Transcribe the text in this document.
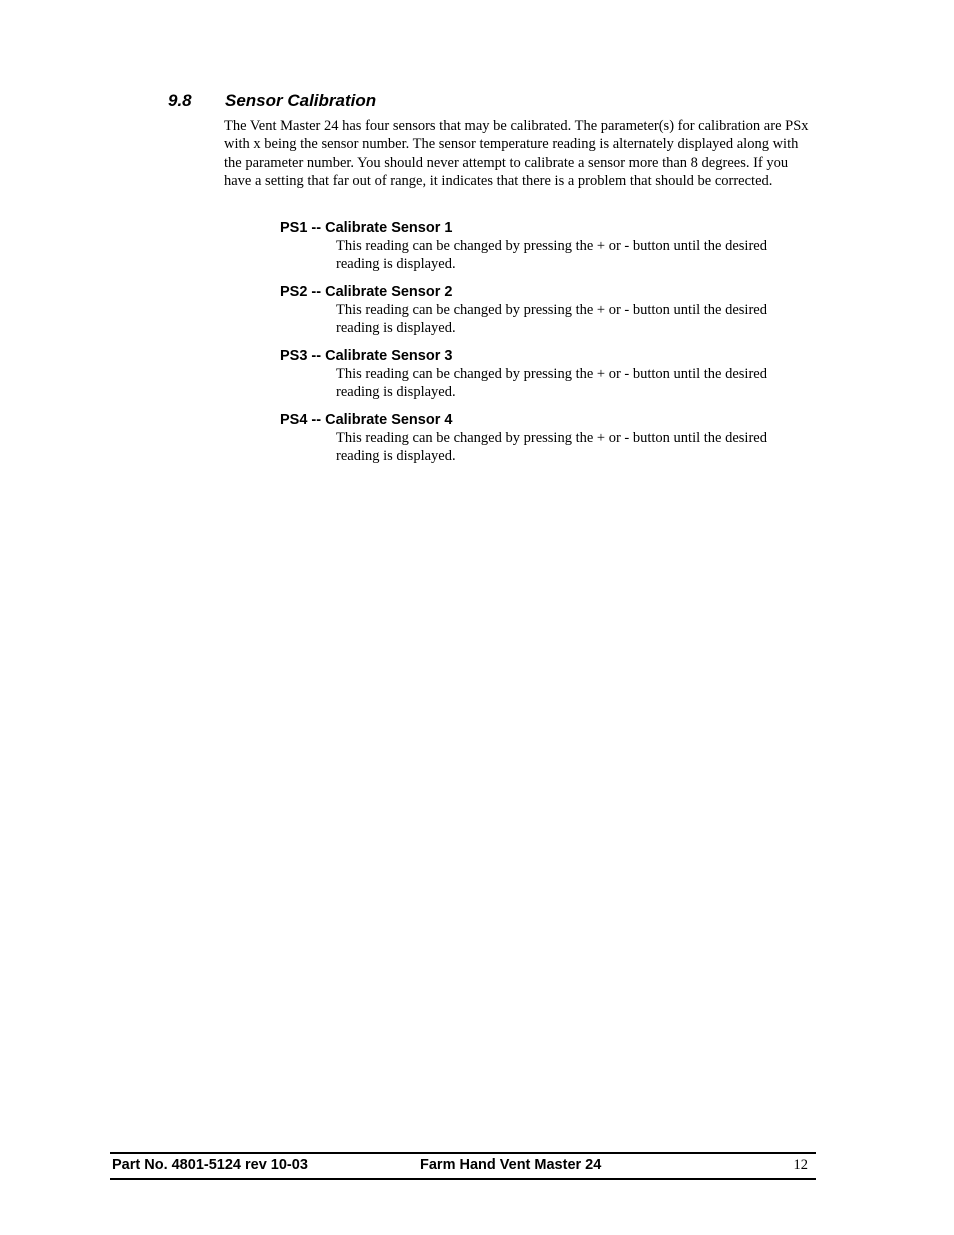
9.8 Sensor Calibration

The Vent Master 24 has four sensors that may be calibrated. The parameter(s) for calibration are PSx with x being the sensor number. The sensor temperature reading is alternately displayed along with the parameter number. You should never attempt to calibrate a sensor more than 8 degrees. If you have a setting that far out of range, it indicates that there is a problem that should be corrected.

PS1 -- Calibrate Sensor 1

This reading can be changed by pressing the + or - button until the desired reading is displayed.

PS2 -- Calibrate Sensor 2

This reading can be changed by pressing the + or - button until the desired reading is displayed.

PS3 -- Calibrate Sensor 3

This reading can be changed by pressing the + or - button until the desired reading is displayed.

PS4 -- Calibrate Sensor 4

This reading can be changed by pressing the + or - button until the desired reading is displayed.

Part No. 4801-5124 rev 10-03	Farm Hand Vent Master 24	12
